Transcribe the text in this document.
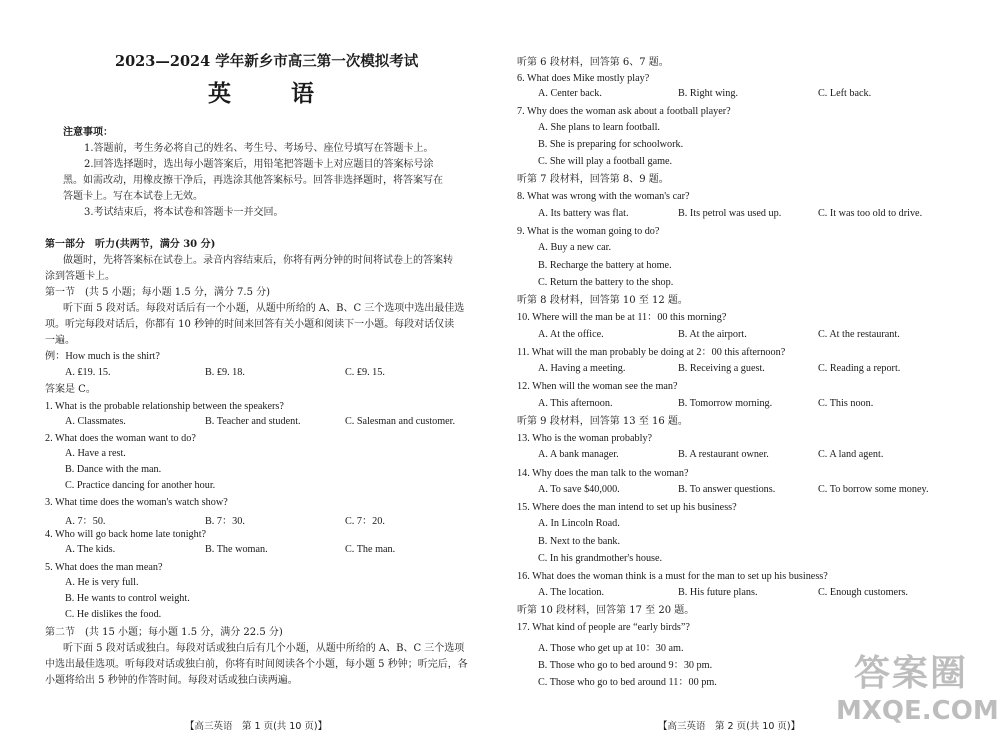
2023—2024 学年新乡市高三第一次模拟考试
英 语
注意事项：
1.答题前，考生务必将自己的姓名、考生号、考场号、座位号填写在答题卡上。
2.回答选择题时，选出每小题答案后，用铅笔把答题卡上对应题目的答案标号涂
黑。如需改动，用橡皮擦干净后，再选涂其他答案标号。回答非选择题时，将答案写在
答题卡上。写在本试卷上无效。
3.考试结束后，将本试卷和答题卡一并交回。
第一部分　听力(共两节，满分 30 分)
做题时，先将答案标在试卷上。录音内容结束后，你将有两分钟的时间将试卷上的答案转
涂到答题卡上。
第一节　(共 5 小题；每小题 1.5 分，满分 7.5 分)
听下面 5 段对话。每段对话后有一个小题，从题中所给的 A、B、C 三个选项中选出最佳选
项。听完每段对话后，你都有 10 秒钟的时间来回答有关小题和阅读下一小题。每段对话仅读
一遍。
例：How much is the shirt?
A. ₤19. 15.	B. ₤9. 18.	C. ₤9. 15.
答案是 C。
1. What is the probable relationship between the speakers?
A. Classmates.	B. Teacher and student.	C. Salesman and customer.
2. What does the woman want to do?
A. Have a rest.
B. Dance with the man.
C. Practice dancing for another hour.
3. What time does the woman's watch show?
A. 7：50.	B. 7：30.	C. 7：20.
4. Who will go back home late tonight?
A. The kids.	B. The woman.	C. The man.
5. What does the man mean?
A. He is very full.
B. He wants to control weight.
C. He dislikes the food.
第二节　(共 15 小题；每小题 1.5 分，满分 22.5 分)
听下面 5 段对话或独白。每段对话或独白后有几个小题，从题中所给的 A、B、C 三个选项
中选出最佳选项。听每段对话或独白前，你将有时间阅读各个小题，每小题 5 秒钟；听完后，各
小题将给出 5 秒钟的作答时间。每段对话或独白读两遍。
【高三英语　第 1 页(共 10 页)】
听第 6 段材料，回答第 6、7 题。
6. What does Mike mostly play?
A. Center back.	B. Right wing.	C. Left back.
7. Why does the woman ask about a football player?
A. She plans to learn football.
B. She is preparing for schoolwork.
C. She will play a football game.
听第 7 段材料，回答第 8、9 题。
8. What was wrong with the woman's car?
A. Its battery was flat.	B. Its petrol was used up.	C. It was too old to drive.
9. What is the woman going to do?
A. Buy a new car.
B. Recharge the battery at home.
C. Return the battery to the shop.
听第 8 段材料，回答第 10 至 12 题。
10. Where will the man be at 11：00 this morning?
A. At the office.	B. At the airport.	C. At the restaurant.
11. What will the man probably be doing at 2：00 this afternoon?
A. Having a meeting.	B. Receiving a guest.	C. Reading a report.
12. When will the woman see the man?
A. This afternoon.	B. Tomorrow morning.	C. This noon.
听第 9 段材料，回答第 13 至 16 题。
13. Who is the woman probably?
A. A bank manager.	B. A restaurant owner.	C. A land agent.
14. Why does the man talk to the woman?
A. To save $40,000.	B. To answer questions.	C. To borrow some money.
15. Where does the man intend to set up his business?
A. In Lincoln Road.
B. Next to the bank.
C. In his grandmother's house.
16. What does the woman think is a must for the man to set up his business?
A. The location.	B. His future plans.	C. Enough customers.
听第 10 段材料，回答第 17 至 20 题。
17. What kind of people are “early birds”?
A. Those who get up at 10：30 am.
B. Those who go to bed around 9：30 pm.
C. Those who go to bed around 11：00 pm.
【高三英语　第 2 页(共 10 页)】
答案圈
MXQE.COM
